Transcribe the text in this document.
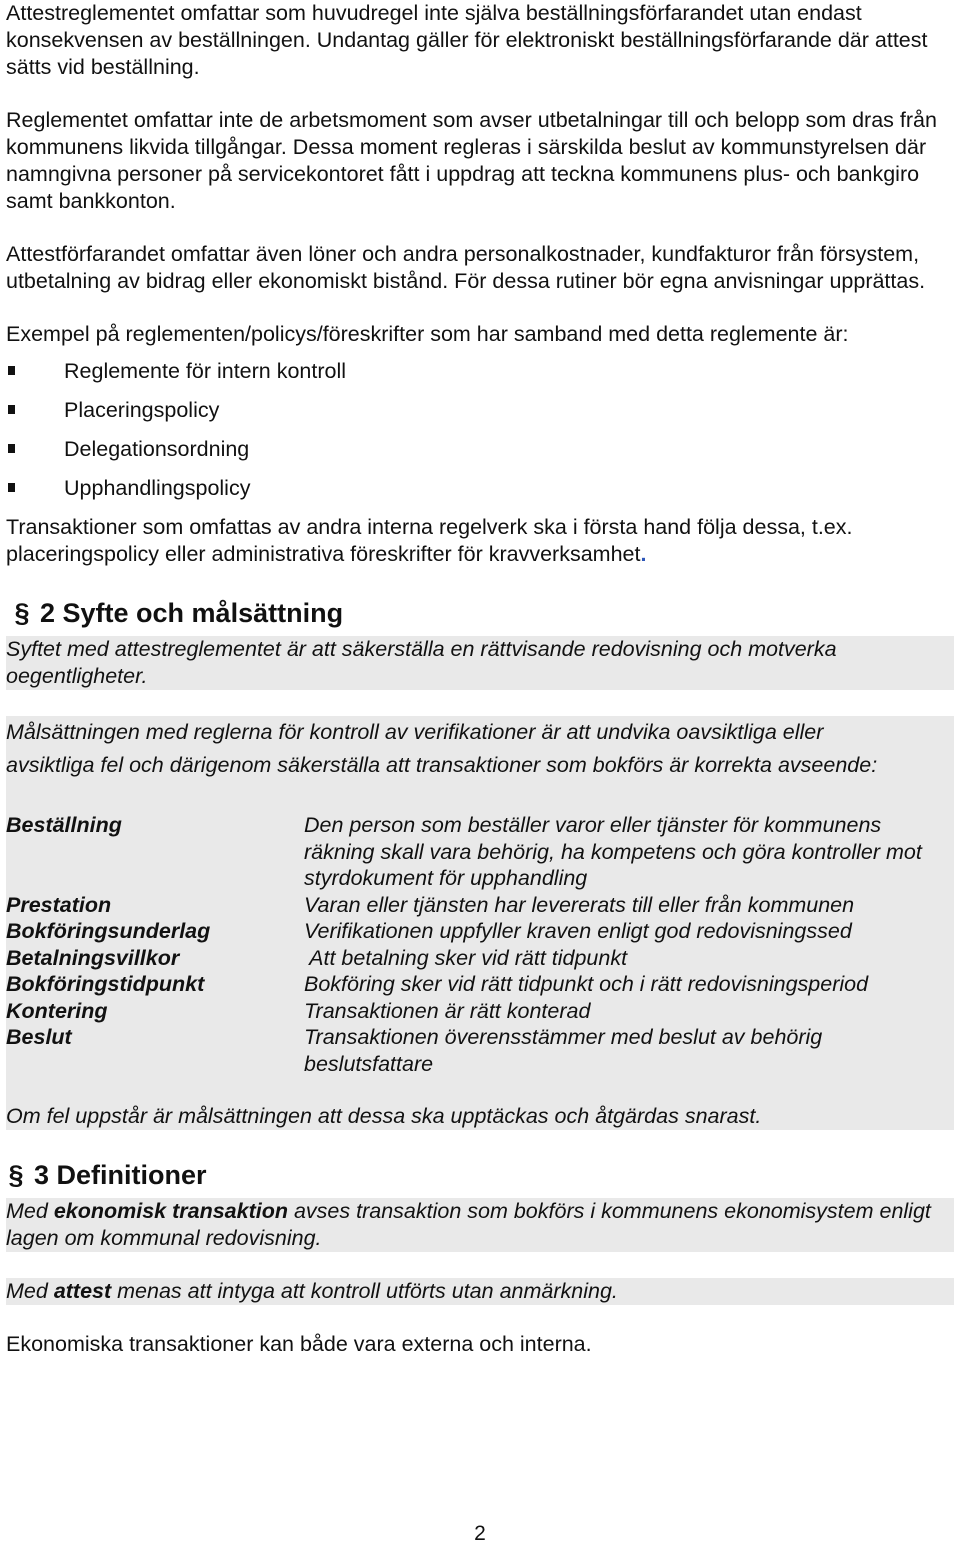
Attestreglementet omfattar som huvudregel inte själva beställningsförfarandet utan endast konsekvensen av beställningen. Undantag gäller för elektroniskt beställningsförfarande där attest sätts vid beställning.

Reglementet omfattar inte de arbetsmoment som avser utbetalningar till och belopp som dras från kommunens likvida tillgångar. Dessa moment regleras i särskilda beslut av kommunstyrelsen där namngivna personer på servicekontoret fått i uppdrag att teckna kommunens plus- och bankgiro samt bankkonton.

Attestförfarandet omfattar även löner och andra personalkostnader, kundfakturor från försystem, utbetalning av bidrag eller ekonomiskt bistånd. För dessa rutiner bör egna anvisningar upprättas.

Exempel på reglementen/policys/föreskrifter som har samband med detta reglemente är:

Reglemente för intern kontroll
Placeringspolicy
Delegationsordning
Upphandlingspolicy

Transaktioner som omfattas av andra interna regelverk ska i första hand följa dessa, t.ex. placeringspolicy eller administrativa föreskrifter för kravverksamhet.

§ 2 Syfte och målsättning

Syftet med attestreglementet är att säkerställa en rättvisande redovisning och motverka oegentligheter.

Målsättningen med reglerna för kontroll av verifikationer är att undvika oavsiktliga eller

avsiktliga fel och därigenom säkerställa att transaktioner som bokförs är korrekta avseende:

Beställning	Den person som beställer varor eller tjänster för kommunens räkning skall vara behörig, ha kompetens och göra kontroller mot styrdokument för upphandling
Prestation	Varan eller tjänsten har levererats till eller från kommunen
Bokföringsunderlag	Verifikationen uppfyller kraven enligt god redovisningssed
Betalningsvillkor	Att betalning sker vid rätt tidpunkt
Bokföringstidpunkt	Bokföring sker vid rätt tidpunkt och i rätt redovisningsperiod
Kontering	Transaktionen är rätt konterad
Beslut	Transaktionen överensstämmer med beslut av behörig beslutsfattare

Om fel uppstår är målsättningen att dessa ska upptäckas och åtgärdas snarast.

§ 3 Definitioner

Med ekonomisk transaktion avses transaktion som bokförs i kommunens ekonomisystem enligt lagen om kommunal redovisning.

Med attest menas att intyga att kontroll utförts utan anmärkning.

Ekonomiska transaktioner kan både vara externa och interna.

2
